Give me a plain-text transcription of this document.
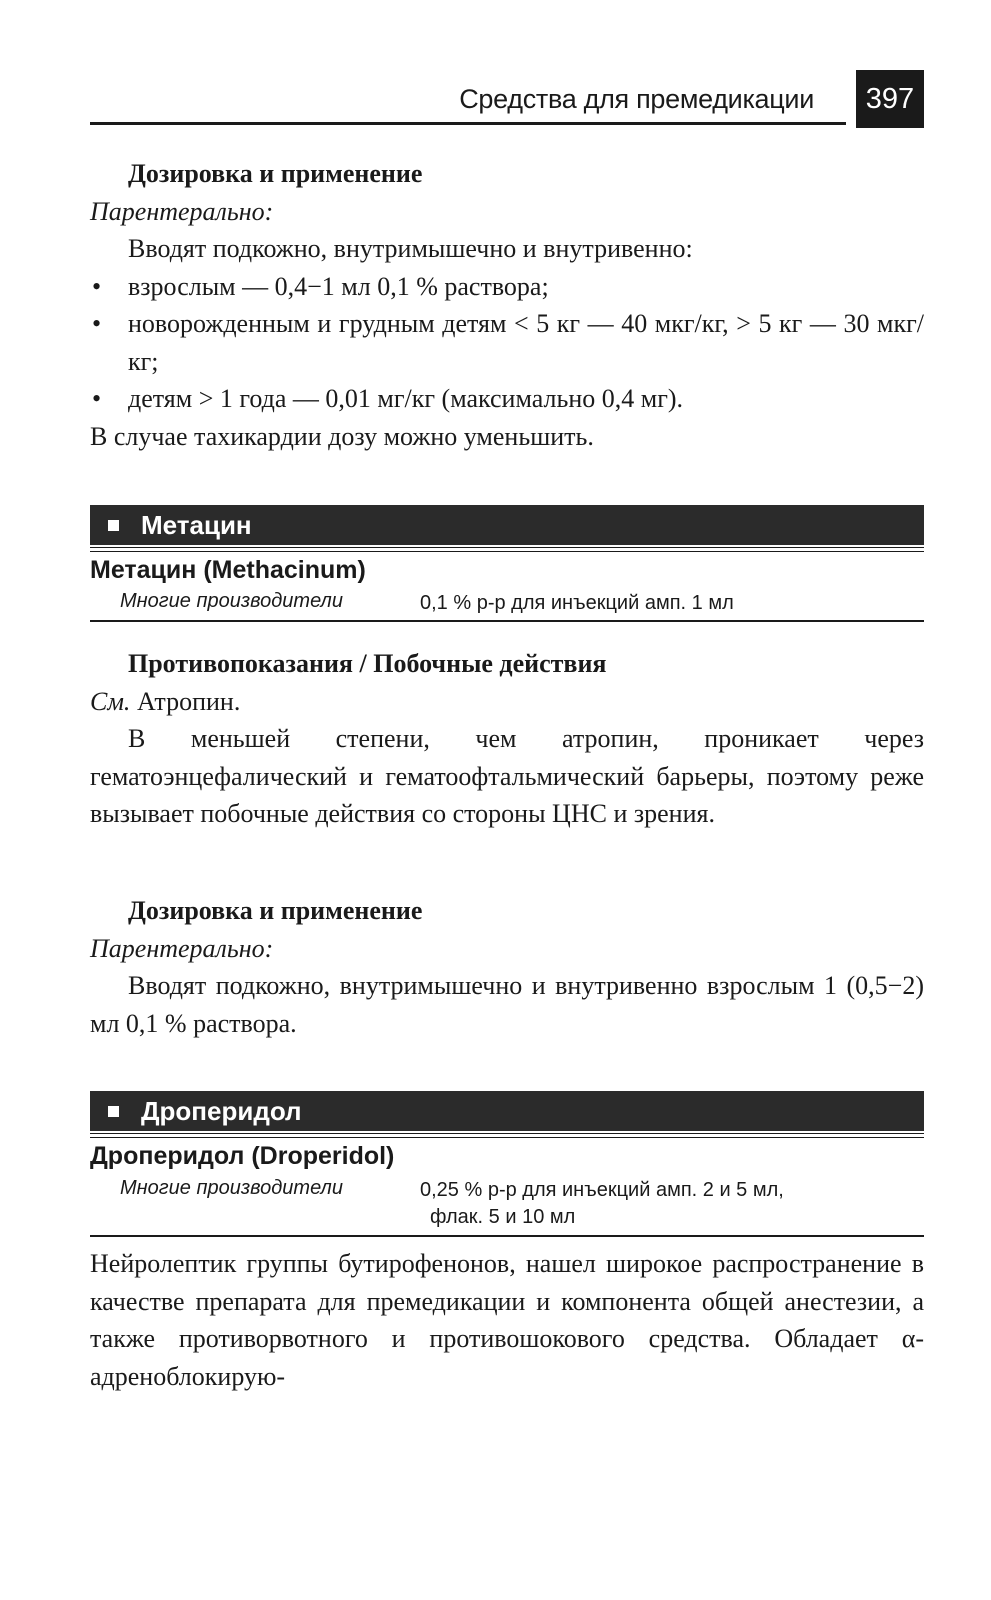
Средства для премедикации	397

Дозировка и применение

Парентерально:

Вводят подкожно, внутримышечно и внутривенно:

• взрослым — 0,4−1 мл 0,1 % раствора;
• новорожденным и грудным детям < 5 кг — 40 мкг/кг, > 5 кг — 30 мкг/кг;
• детям > 1 года — 0,01 мг/кг (максимально 0,4 мг).

В случае тахикардии дозу можно уменьшить.

Метацин
Метацин (Methacinum)
Многие производители	0,1 % р-р для инъекций амп. 1 мл

Противопоказания / Побочные действия

См. Атропин.

В меньшей степени, чем атропин, проникает через гематоэнцефалический и гематоофтальмический барьеры, поэтому реже вызывает побочные действия со стороны ЦНС и зрения.

Дозировка и применение

Парентерально:

Вводят подкожно, внутримышечно и внутривенно взрослым 1 (0,5−2) мл 0,1 % раствора.

Дроперидол
Дроперидол (Droperidol)
Многие производители	0,25 % р-р для инъекций амп. 2 и 5 мл,
флак. 5 и 10 мл

Нейролептик группы бутирофенонов, нашел широкое распространение в качестве препарата для премедикации и компонента общей анестезии, а также противорвотного и противошокового средства. Обладает α-адреноблокирую-
